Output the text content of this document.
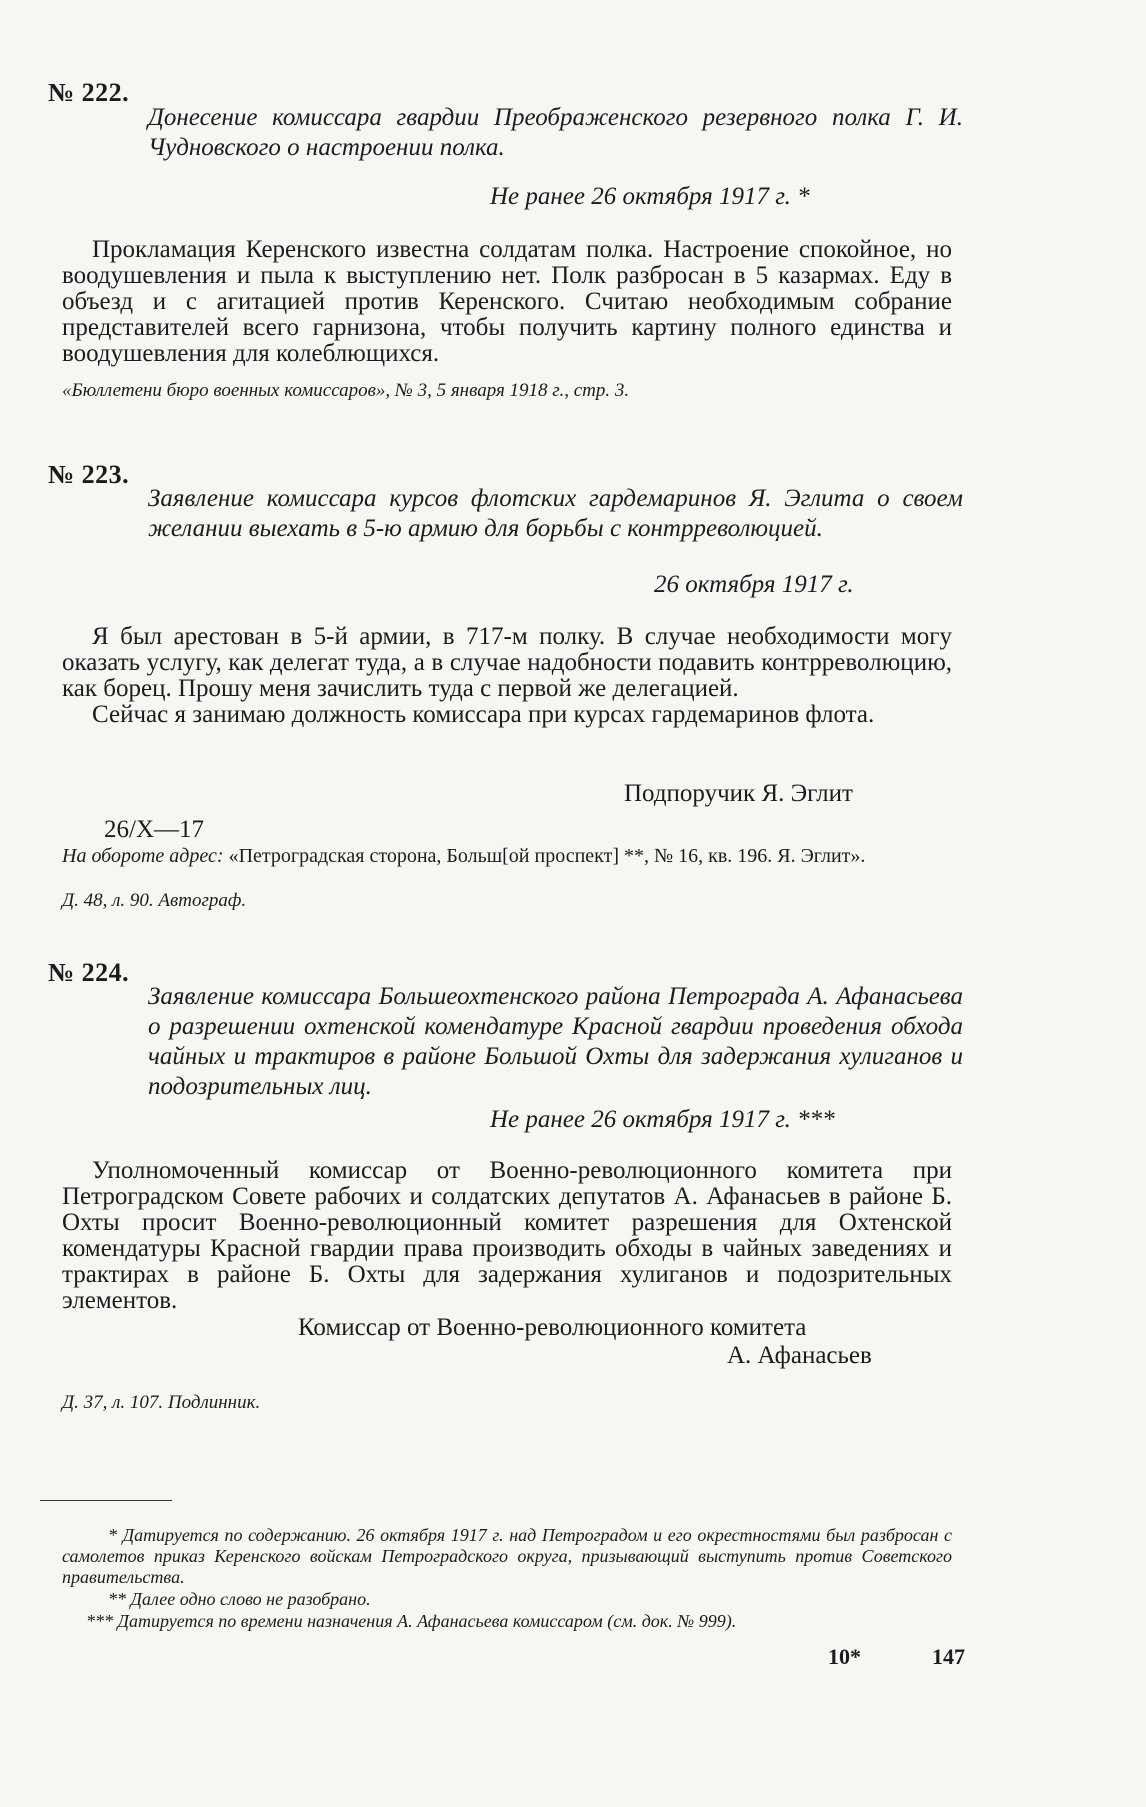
№ 222.
Донесение комиссара гвардии Преображенского резервного полка Г. И. Чудновского о настроении полка.
Не ранее 26 октября 1917 г. *

Прокламация Керенского известна солдатам полка. Настроение спокойное, но воодушевления и пыла к выступлению нет. Полк разбросан в 5 казармах. Еду в объезд и с агитацией против Керенского. Считаю необходимым собрание представителей всего гарнизона, чтобы получить картину полного единства и воодушевления для колеблющихся.

«Бюллетени бюро военных комиссаров», № 3, 5 января 1918 г., стр. 3.
№ 223.
Заявление комиссара курсов флотских гардемаринов Я. Эглита о своем желании выехать в 5-ю армию для борьбы с контрреволюцией.
26 октября 1917 г.

Я был арестован в 5-й армии, в 717-м полку. В случае необходимости могу оказать услугу, как делегат туда, а в случае надобности подавить контрреволюцию, как борец. Прошу меня зачислить туда с первой же делегацией.

Сейчас я занимаю должность комиссара при курсах гардемаринов флота.

Подпоручик Я. Эглит
26/X—17
На обороте адрес: «Петроградская сторона, Больш[ой проспект] **, № 16, кв. 196. Я. Эглит».
Д. 48, л. 90. Автограф.
№ 224.
Заявление комиссара Большеохтенского района Петрограда А. Афанасьева о разрешении охтенской комендатуре Красной гвардии проведения обхода чайных и трактиров в районе Большой Охты для задержания хулиганов и подозрительных лиц.
Не ранее 26 октября 1917 г. ***

Уполномоченный комиссар от Военно-революционного комитета при Петроградском Совете рабочих и солдатских депутатов А. Афанасьев в районе Б. Охты просит Военно-революционный комитет разрешения для Охтенской комендатуры Красной гвардии права производить обходы в чайных заведениях и трактирах в районе Б. Охты для задержания хулиганов и подозрительных элементов.

Комиссар от Военно-революционного комитета
А. Афанасьев
Д. 37, л. 107. Подлинник.
* Датируется по содержанию. 26 октября 1917 г. над Петроградом и его окрестностями был разбросан с самолетов приказ Керенского войскам Петроградского округа, призывающий выступить против Советского правительства.
** Далее одно слово не разобрано.
*** Датируется по времени назначения А. Афанасьева комиссаром (см. док. № 999).
10*	147
